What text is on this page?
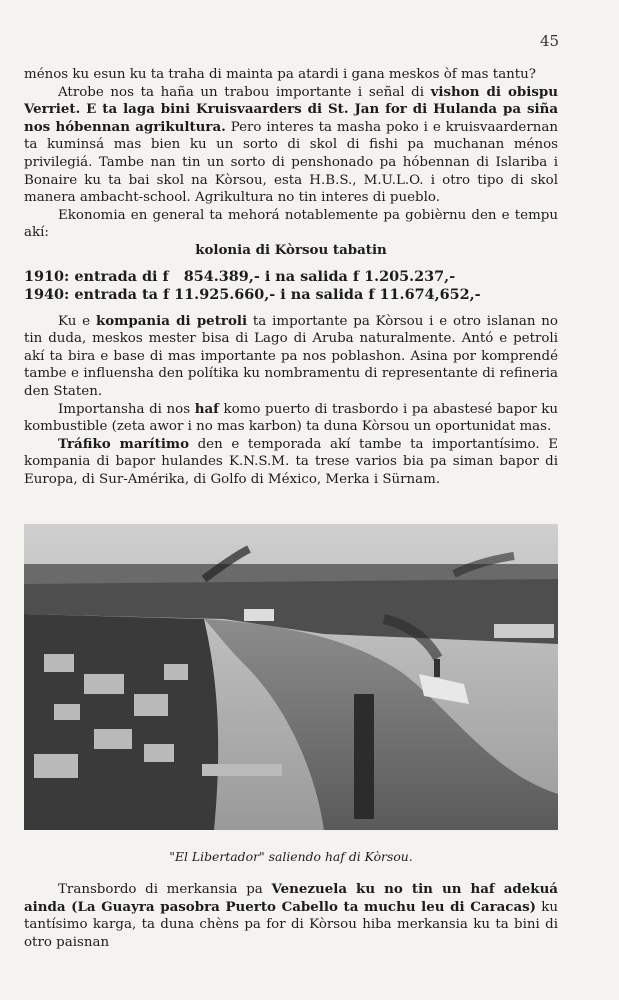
45

ménos ku esun ku ta traha di mainta pa atardi i gana meskos òf mas tantu?

Atrobe nos ta haña un trabou importante i señal di vishon di obispu Verriet. E ta laga bini Kruisvaarders di St. Jan for di Hulanda pa siña nos hóbennan agrikultura. Pero interes ta masha poko i e kruisvaardernan ta kuminsá mas bien ku un sorto di skol di fishi pa muchanan ménos privilegiá. Tambe nan tin un sorto di penshonado pa hóbennan di Islariba i Bonaire ku ta bai skol na Kòrsou, esta H.B.S., M.U.L.O. i otro tipo di skol manera ambacht-school. Agrikultura no tin interes di pueblo.

Ekonomia en general ta mehorá notablemente pa gobièrnu den e tempu akí:

kolonia di Kòrsou tabatin

1910: entrada di f   854.389,- i na salida f 1.205.237,-
1940: entrada ta f 11.925.660,- i na salida f 11.674,652,-

Ku e kompania di petroli ta importante pa Kòrsou i e otro islanan no tin duda, meskos mester bisa di Lago di Aruba naturalmente. Antó e petroli akí ta bira e base di mas importante pa nos poblashon. Asina por komprendé tambe e influensha den polítika ku nombramentu di representante di refineria den Staten.

Importansha di nos haf komo puerto di trasbordo i pa abastesé bapor ku kombustible (zeta awor i no mas karbon) ta duna Kòrsou un oportunidat mas.

Tráfiko marítimo den e temporada akí tambe ta importantísimo. E kompania di bapor hulandes K.N.S.M. ta trese varios bia pa siman bapor di Europa, di Sur-Amérika, di Golfo di México, Merka i Sürnam.

"El Libertador" saliendo haf di Kòrsou.

Transbordo di merkansia pa Venezuela ku no tin un haf adekuá ainda (La Guayra pasobra Puerto Cabello ta muchu leu di Caracas) ku tantísimo karga, ta duna chèns pa for di Kòrsou hiba merkansia ku ta bini di otro paisnan
